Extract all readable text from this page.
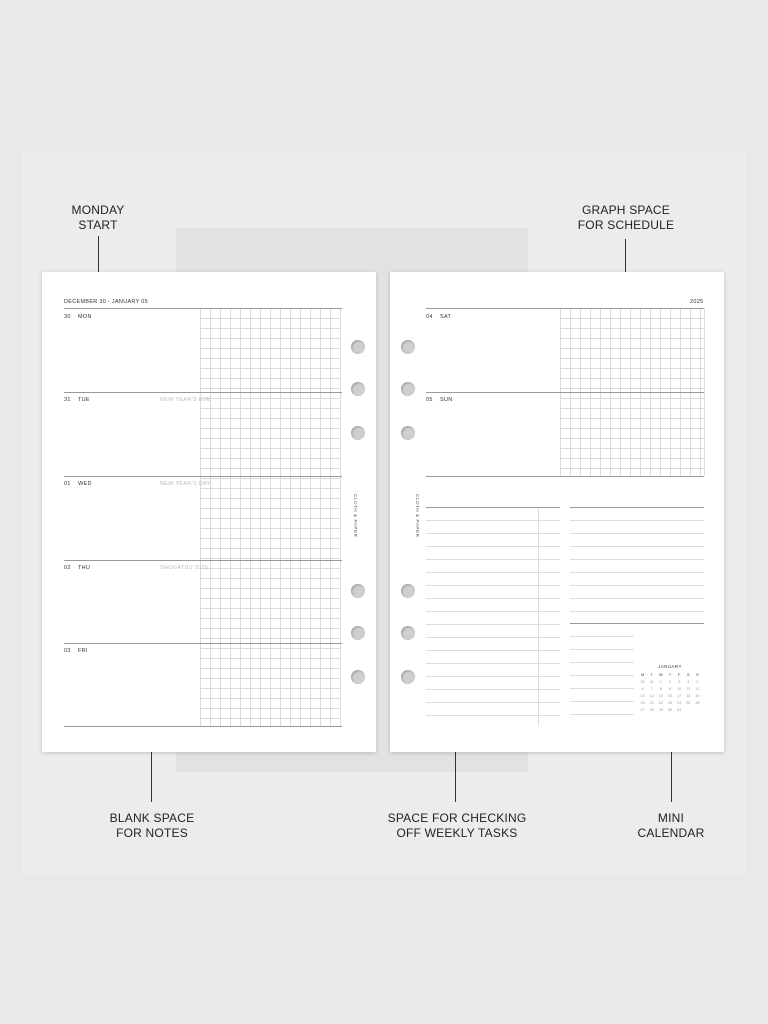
MONDAY
START
GRAPH SPACE
FOR SCHEDULE
BLANK SPACE
FOR NOTES
SPACE FOR CHECKING
OFF WEEKLY TASKS
MINI
CALENDAR
DECEMBER 30 - JANUARY 05
30 MON
31 TUE	NEW YEAR'S EVE
01 WED	NEW YEAR'S DAY
02 THU	SHOGATSU 2025
03 FRI
CLOTH & PAPER
2025
04 SAT
05 SUN
CLOTH & PAPER
JANUARY
M	T	W	T	F	S	S
30	31	1	2	3	4	5
6	7	8	9	10	11	12
13	14	15	16	17	18	19
20	21	22	23	24	25	26
27	28	29	30	31
